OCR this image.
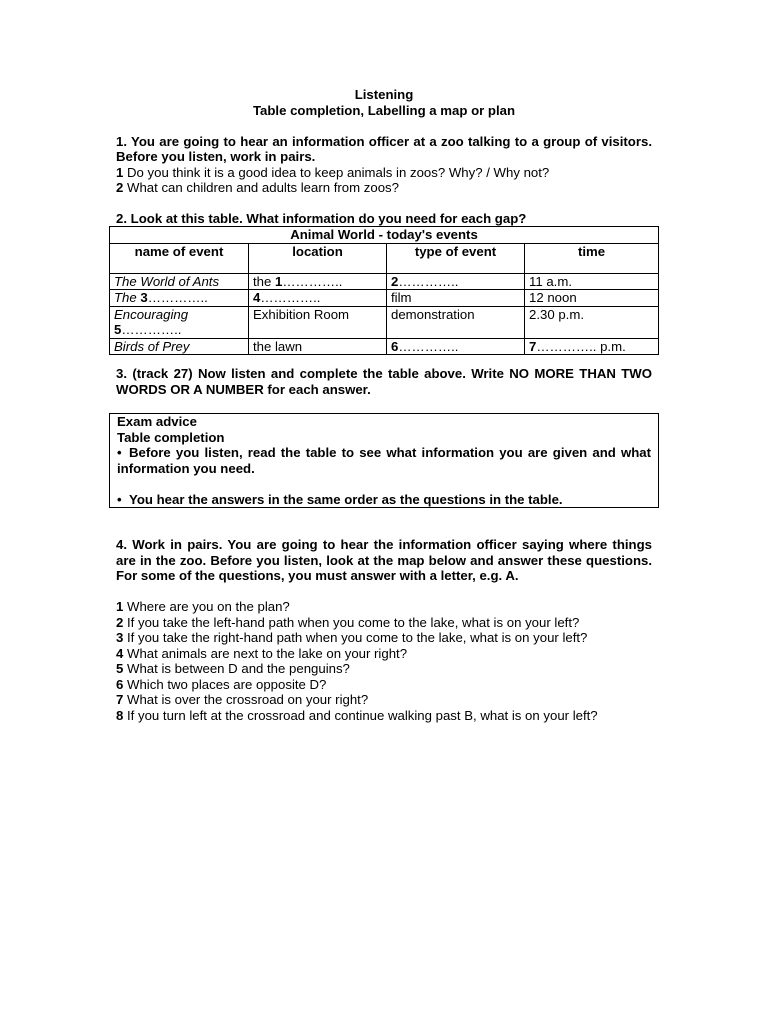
Listening

Table completion, Labelling a map or plan

1. You are going to hear an information officer at a zoo talking to a group of visitors. Before you listen, work in pairs.

1 Do you think it is a good idea to keep animals in zoos? Why? / Why not?

2 What can children and adults learn from zoos?

2. Look at this table. What information do you need for each gap?

Animal World - today's events			
name of event	location	type of event	time
The World of Ants	the 1…………..	2…………..	11 a.m.
The 3…………..	4…………..	film	12 noon
Encouraging
5…………..	Exhibition Room	demonstration	2.30 p.m.
Birds of Prey	the lawn	6…………..	7………….. p.m.

3. (track 27) Now listen and complete the table above. Write NO MORE THAN TWO WORDS OR A NUMBER for each answer.

Exam advice

Table completion

• Before you listen, read the table to see what information you are given and what information you need.

• You hear the answers in the same order as the questions in the table.

4. Work in pairs. You are going to hear the information officer saying where things are in the zoo. Before you listen, look at the map below and answer these questions. For some of the questions, you must answer with a letter, e.g. A.

1 Where are you on the plan?

2 If you take the left-hand path when you come to the lake, what is on your left?

3 If you take the right-hand path when you come to the lake, what is on your left?

4 What animals are next to the lake on your right?

5 What is between D and the penguins?

6 Which two places are opposite D?

7 What is over the crossroad on your right?

8 If you turn left at the crossroad and continue walking past B, what is on your left?
